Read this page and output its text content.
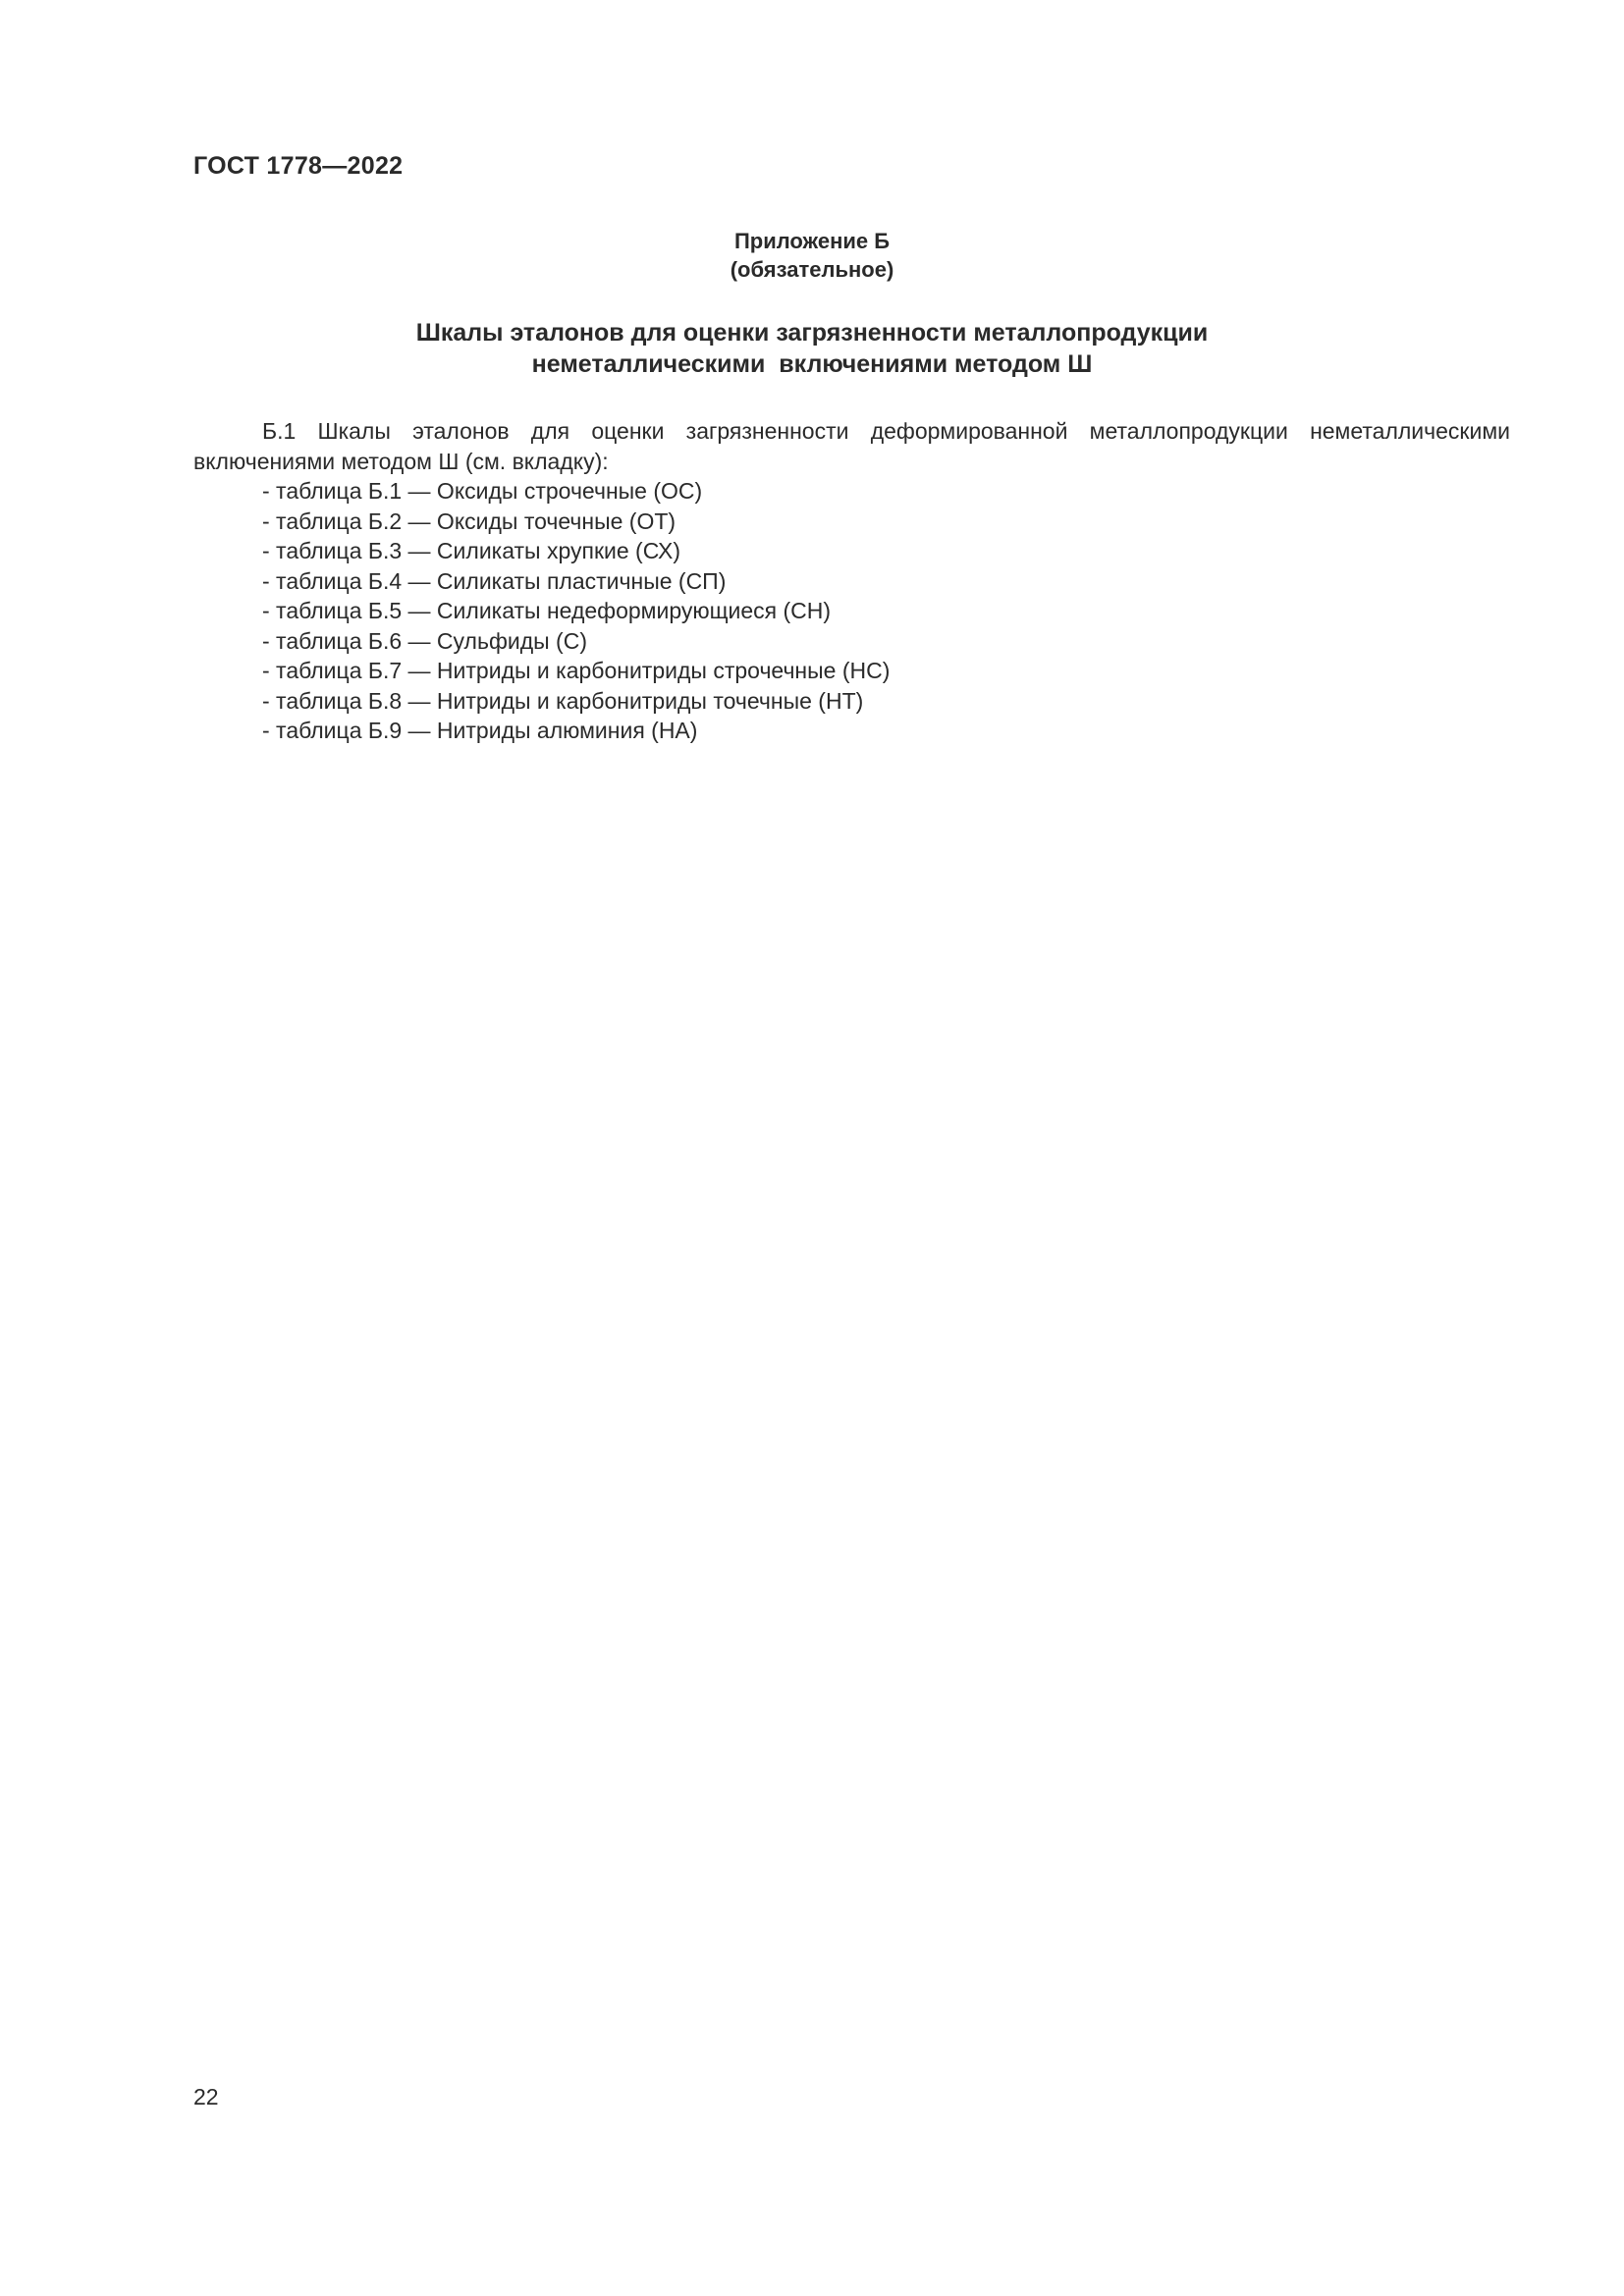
ГОСТ 1778—2022
Приложение Б
(обязательное)
Шкалы эталонов для оценки загрязненности металлопродукции
неметаллическими  включениями методом Ш

Б.1 Шкалы эталонов для оценки загрязненности деформированной металлопродукции неметаллическими включениями методом Ш (см. вкладку):

- таблица Б.1 — Оксиды строчечные (ОС)
- таблица Б.2 — Оксиды точечные (ОТ)
- таблица Б.3 — Силикаты хрупкие (СХ)
- таблица Б.4 — Силикаты пластичные (СП)
- таблица Б.5 — Силикаты недеформирующиеся (СН)
- таблица Б.6 — Сульфиды (С)
- таблица Б.7 — Нитриды и карбонитриды строчечные (НС)
- таблица Б.8 — Нитриды и карбонитриды точечные (НТ)
- таблица Б.9 — Нитриды алюминия (НА)
22
